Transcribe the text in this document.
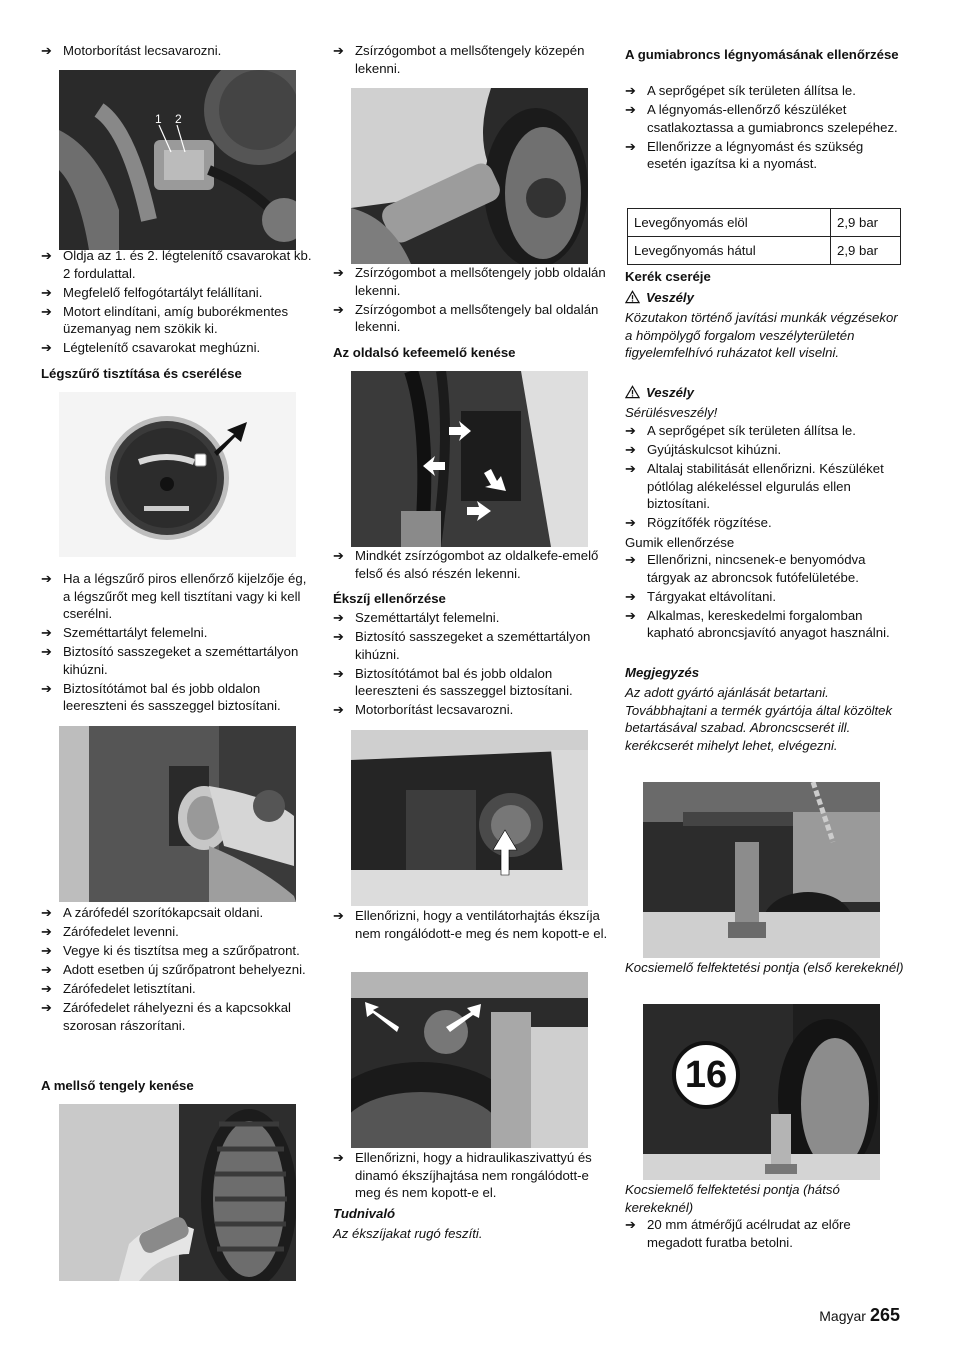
➔ Motorborítást lecsavarozni.
1 2
➔ Oldja az 1. és 2. légtelenítő csavarokat kb. 2 fordulattal.
➔ Megfelelő felfogótartályt felállítani.
➔ Motort elindítani, amíg buborékmentes üzemanyag nem szökik ki.
➔ Légtelenítő csavarokat meghúzni.
Légszűrő tisztítása és cserélése
➔ Ha a légszűrő piros ellenőrző kijelzője ég, a légszűrőt meg kell tisztítani vagy ki kell cserélni.
➔ Szeméttartályt felemelni.
➔ Biztosító sasszegeket a szeméttartályon kihúzni.
➔ Biztosítótámot bal és jobb oldalon leereszteni és sasszeggel biztosítani.
➔ A zárófedél szorítókapcsait oldani.
➔ Zárófedelet levenni.
➔ Vegye ki és tisztítsa meg a szűrőpatront.
➔ Adott esetben új szűrőpatront behelyezni.
➔ Zárófedelet letisztítani.
➔ Zárófedelet ráhelyezni és a kapcsokkal szorosan rászorítani.
A mellső tengely kenése
➔ Zsírzógombot a mellsőtengely közepén lekenni.
➔ Zsírzógombot a mellsőtengely jobb oldalán lekenni.
➔ Zsírzógombot a mellsőtengely bal oldalán lekenni.
Az oldalsó kefeemelő kenése
➔ Mindkét zsírzógombot az oldalkefe-emelő felső és alsó részén lekenni.
Ékszíj ellenőrzése
➔ Szeméttartályt felemelni.
➔ Biztosító sasszegeket a szeméttartályon kihúzni.
➔ Biztosítótámot bal és jobb oldalon leereszteni és sasszeggel biztosítani.
➔ Motorborítást lecsavarozni.
➔ Ellenőrizni, hogy a ventilátorhajtás ékszíja nem rongálódott-e meg és nem kopott-e el.
➔ Ellenőrizni, hogy a hidraulikaszivattyú és dinamó ékszíjhajtása nem rongálódott-e meg és nem kopott-e el.
Tudnivaló
Az ékszíjakat rugó feszíti.
A gumiabroncs légnyomásának ellenőrzése
➔ A seprőgépet sík területen állítsa le.
➔ A légnyomás-ellenőrző készüléket csatlakoztassa a gumiabroncs szelepéhez.
➔ Ellenőrizze a légnyomást és szükség esetén igazítsa ki a nyomást.
Levegőnyomás elöl	2,9 bar
Levegőnyomás hátul	2,9 bar
Kerék cseréje
Veszély
Közutakon történő javítási munkák végzésekor a hömpölygő forgalom veszélyterületén figyelemfelhívó ruházatot kell viselni.
Veszély
Sérülésveszély!
➔ A seprőgépet sík területen állítsa le.
➔ Gyújtáskulcsot kihúzni.
➔ Altalaj stabilitását ellenőrizni. Készüléket pótlólag alékeléssel elgurulás ellen biztosítani.
➔ Rögzítőfék rögzítése.
Gumik ellenőrzése
➔ Ellenőrizni, nincsenek-e benyomódva tárgyak az abroncsok futófelületébe.
➔ Tárgyakat eltávolítani.
➔ Alkalmas, kereskedelmi forgalomban kapható abroncsjavító anyagot használni.
Megjegyzés
Az adott gyártó ajánlását betartani. Továbbhajtani a termék gyártója által közöltek betartásával szabad. Abroncscserét ill. kerékcserét mihelyt lehet, elvégezni.
Kocsiemelő felfektetési pontja (első kerekeknél)
16
Kocsiemelő felfektetési pontja (hátsó kerekeknél)
➔ 20 mm átmérőjű acélrudat az előre megadott furatba betolni.
Magyar 265
